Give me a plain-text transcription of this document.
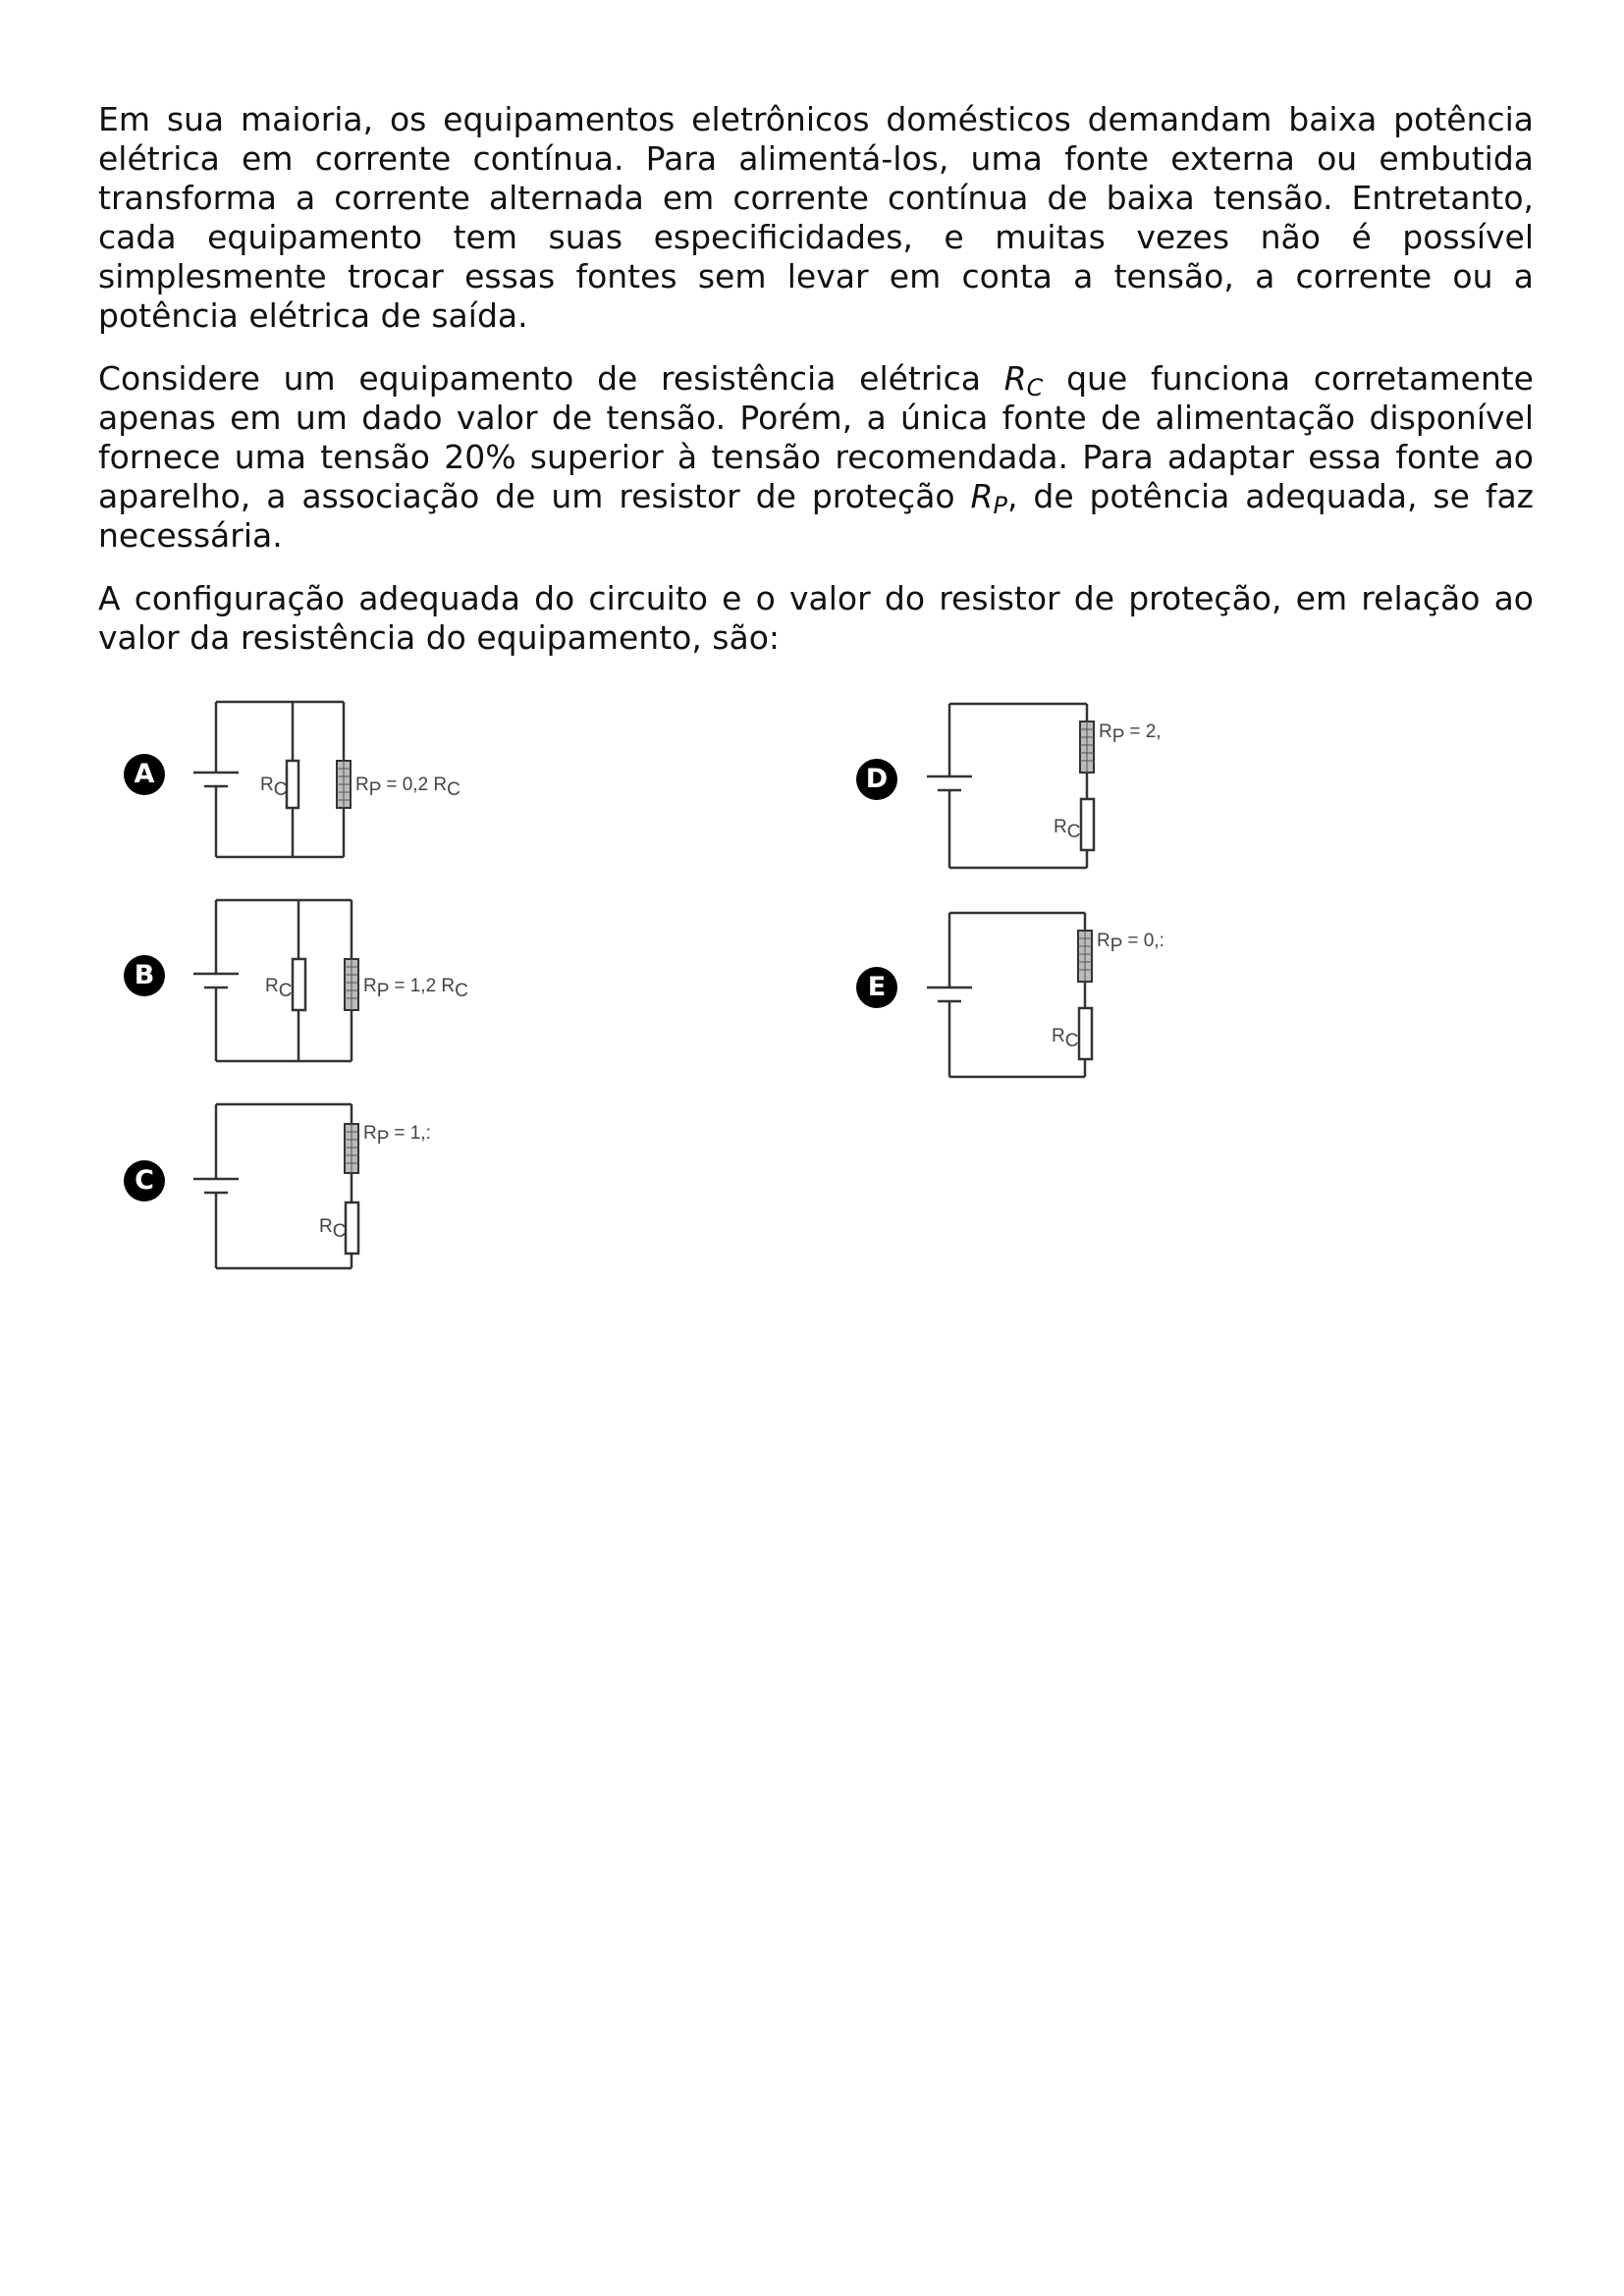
Em sua maioria, os equipamentos eletrônicos domésticos demandam baixa potência elétrica em corrente contínua. Para alimentá-los, uma fonte externa ou embutida transforma a corrente alternada em corrente contínua de baixa tensão. Entretanto, cada equipamento tem suas especificidades, e muitas vezes não é possível simplesmente trocar essas fontes sem levar em conta a tensão, a corrente ou a potência elétrica de saída.

Considere um equipamento de resistência elétrica $R_C$ que funciona corretamente apenas em um dado valor de tensão. Porém, a única fonte de alimentação disponível fornece uma tensão 20% superior à tensão recomendada. Para adaptar essa fonte ao aparelho, a associação de um resistor de proteção $R_P$, de potência adequada, se faz necessária.

A configuração adequada do circuito e o valor do resistor de proteção, em relação ao valor da resistência do equipamento, são:

A	RC	RP = 0,2 RC
B	RC	RP = 1,2 RC
C
RP = 1,:
RC
D
RP = 2,
RC
E
RP = 0,:
RC
